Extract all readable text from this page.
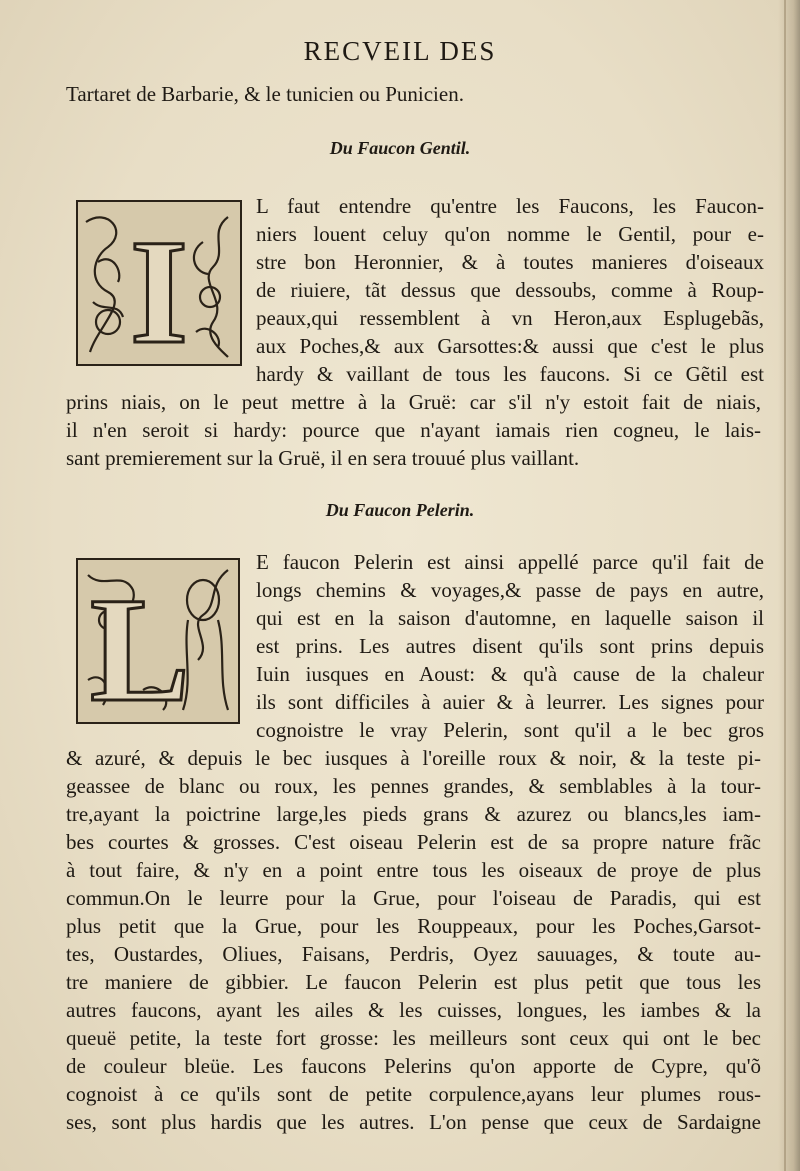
RECVEIL DES
Tartaret de Barbarie, & le tunicien ou Punicien.
Du Faucon Gentil.
I
L faut entendre qu'entre les Faucons, les Faucon-
niers louent celuy qu'on nomme le Gentil, pour e-
stre bon Heronnier, & à toutes manieres d'oiseaux
de riuiere, tãt dessus que dessoubs, comme à Roup-
peaux,qui ressemblent à vn Heron,aux Esplugebãs,
aux Poches,& aux Garsottes:& aussi que c'est le plus
hardy & vaillant de tous les faucons. Si ce Gẽtil est
prins niais, on le peut mettre à la Gruë: car s'il n'y estoit fait de niais,
il n'en seroit si hardy: pource que n'ayant iamais rien cogneu, le lais-
sant premierement sur la Gruë, il en sera trouué plus vaillant.
Du Faucon Pelerin.
L
E faucon Pelerin est ainsi appellé parce qu'il fait de
longs chemins & voyages,& passe de pays en autre,
qui est en la saison d'automne, en laquelle saison il
est prins. Les autres disent qu'ils sont prins depuis
Iuin iusques en Aoust: & qu'à cause de la chaleur
ils sont difficiles à auier & à leurrer. Les signes pour
cognoistre le vray Pelerin, sont qu'il a le bec gros
& azuré, & depuis le bec iusques à l'oreille roux & noir, & la teste pi-
geassee de blanc ou roux, les pennes grandes, & semblables à la tour-
tre,ayant la poictrine large,les pieds grans & azurez ou blancs,les iam-
bes courtes & grosses. C'est oiseau Pelerin est de sa propre nature frãc
à tout faire, & n'y en a point entre tous les oiseaux de proye de plus
commun.On le leurre pour la Grue, pour l'oiseau de Paradis, qui est
plus petit que la Grue, pour les Rouppeaux, pour les Poches,Garsot-
tes, Oustardes, Oliues, Faisans, Perdris, Oyez sauuages, & toute au-
tre maniere de gibbier. Le faucon Pelerin est plus petit que tous les
autres faucons, ayant les ailes & les cuisses, longues, les iambes & la
queuë petite, la teste fort grosse: les meilleurs sont ceux qui ont le bec
de couleur bleüe. Les faucons Pelerins qu'on apporte de Cypre, qu'õ
cognoist à ce qu'ils sont de petite corpulence,ayans leur plumes rous-
ses, sont plus hardis que les autres. L'on pense que ceux de Sardaigne
